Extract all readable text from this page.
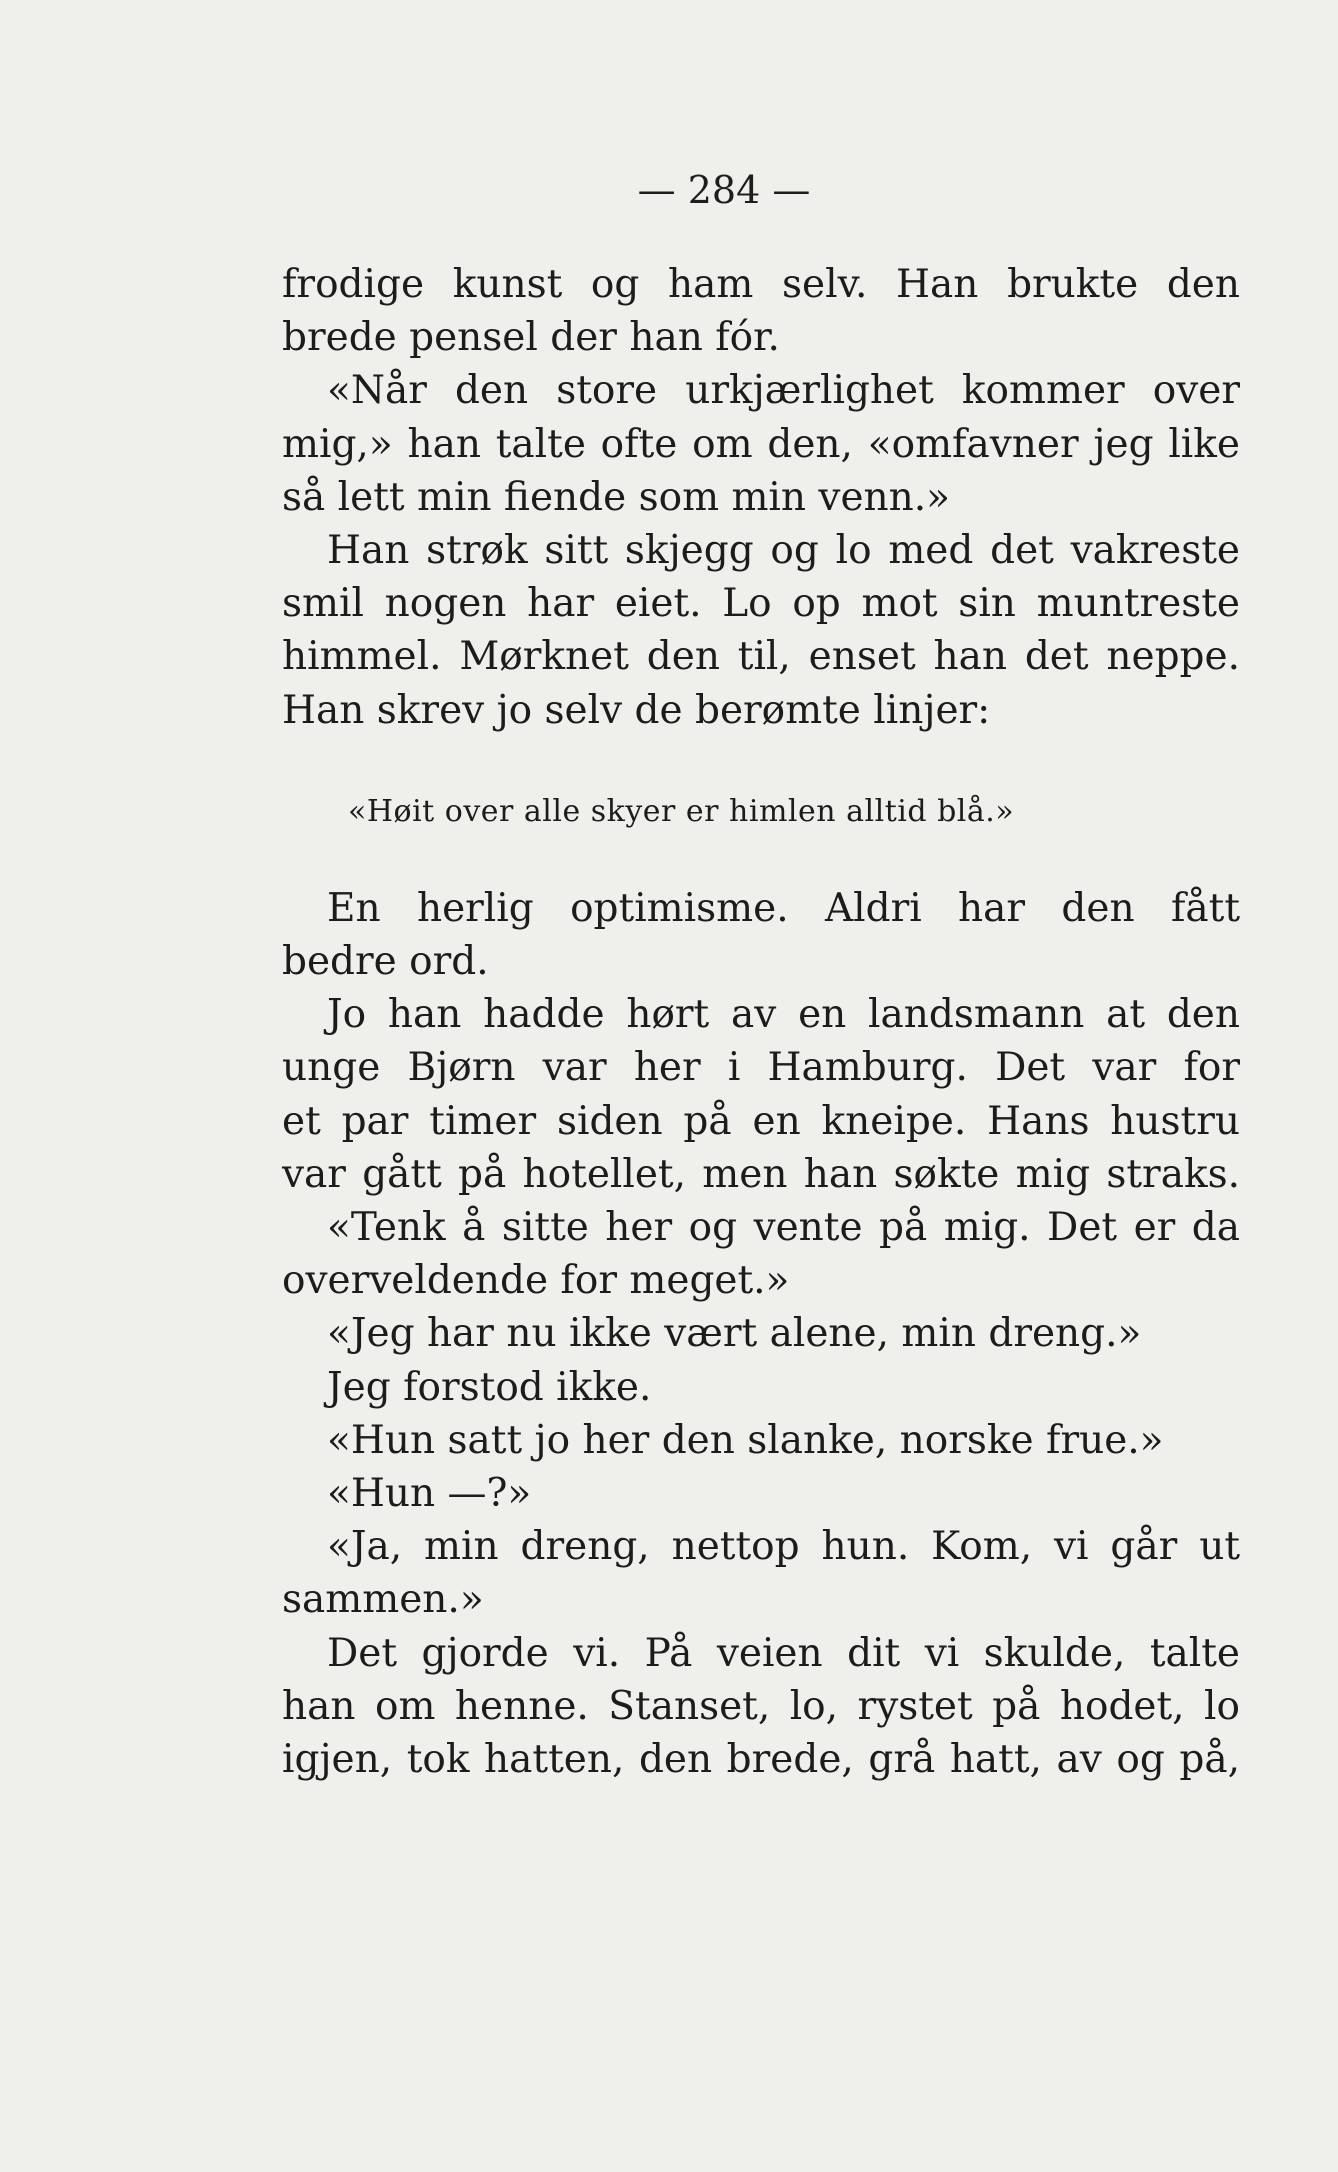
— 284 —
frodige kunst og ham selv. Han brukte den
brede pensel der han fór.
«Når den store urkjærlighet kommer over
mig,» han talte ofte om den, «omfavner jeg like
så lett min fiende som min venn.»
Han strøk sitt skjegg og lo med det vakreste
smil nogen har eiet. Lo op mot sin muntreste
himmel. Mørknet den til, enset han det neppe.
Han skrev jo selv de berømte linjer:
«Høit over alle skyer er himlen alltid blå.»
En herlig optimisme. Aldri har den fått
bedre ord.
Jo han hadde hørt av en landsmann at den
unge Bjørn var her i Hamburg. Det var for
et par timer siden på en kneipe. Hans hustru
var gått på hotellet, men han søkte mig straks.
«Tenk å sitte her og vente på mig. Det er da
overveldende for meget.»
«Jeg har nu ikke vært alene, min dreng.»
Jeg forstod ikke.
«Hun satt jo her den slanke, norske frue.»
«Hun —?»
«Ja, min dreng, nettop hun. Kom, vi går ut
sammen.»
Det gjorde vi. På veien dit vi skulde, talte
han om henne. Stanset, lo, rystet på hodet, lo
igjen, tok hatten, den brede, grå hatt, av og på,
